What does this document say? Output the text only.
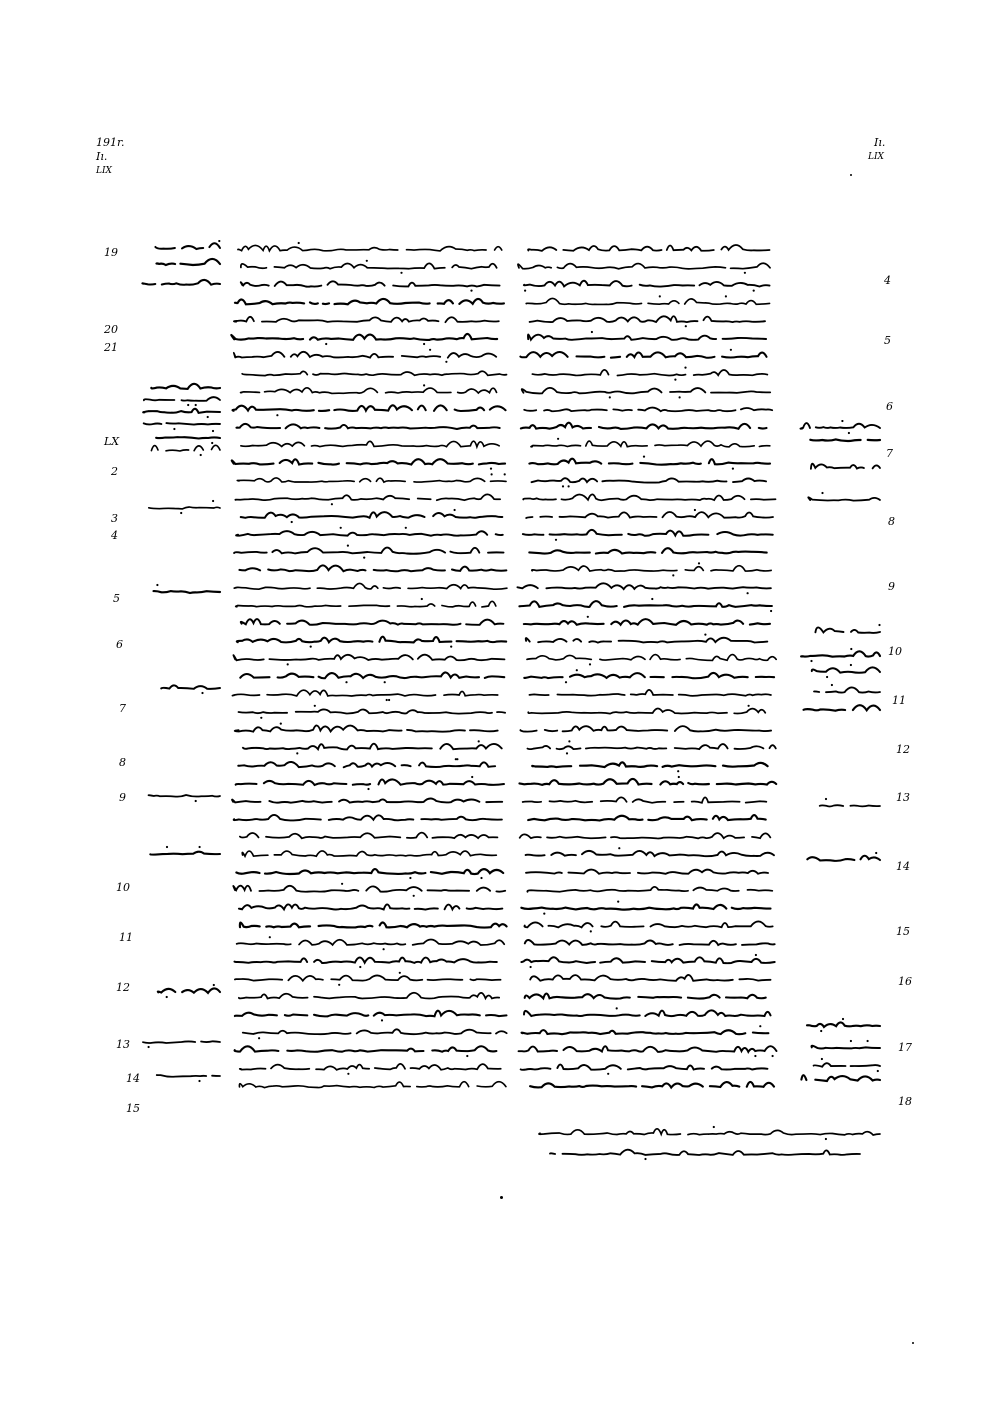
191r.
Iı.
LIX
Iı.
LIX
19
20
21
LX
2
3
4
5
6
7
8
9
10
11
12
13
14
15
4
5
6
7
8
9
10
11
12
13
14
15
16
17
18
